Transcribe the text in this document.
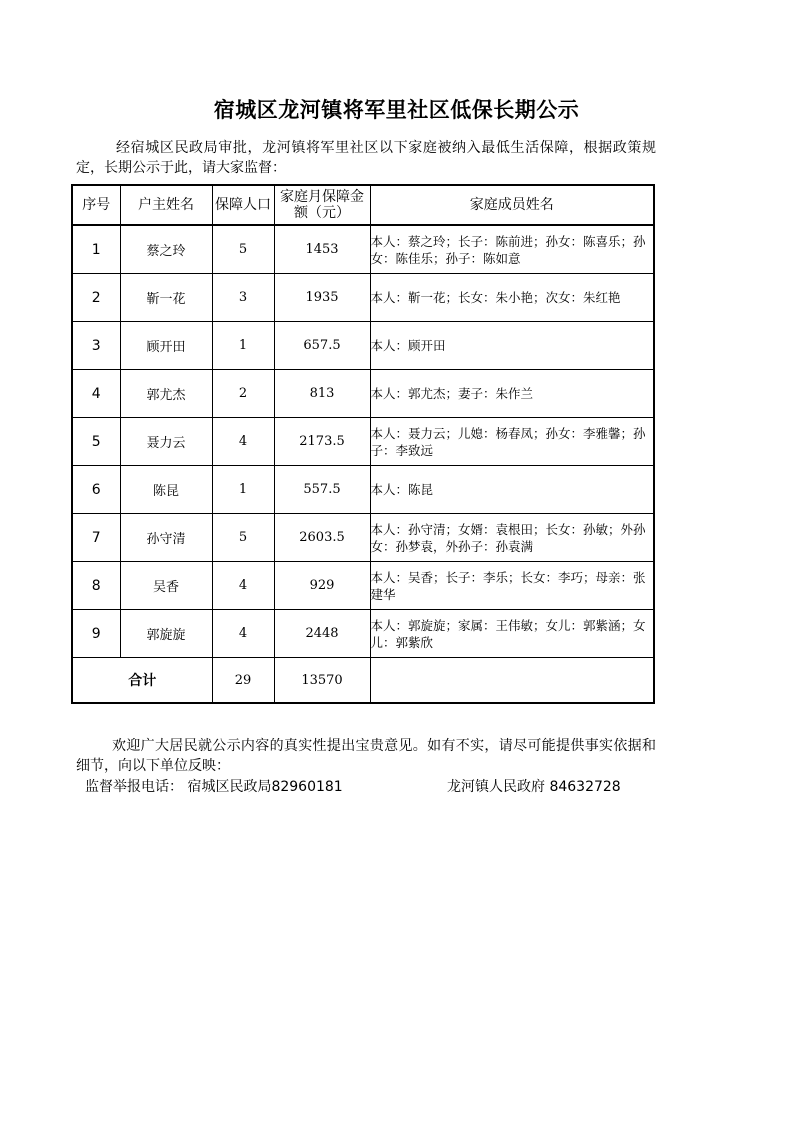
宿城区龙河镇将军里社区低保长期公示
经宿城区民政局审批，龙河镇将军里社区以下家庭被纳入最低生活保障，根据政策规定，长期公示于此，请大家监督：
序号	户主姓名	保障人口	家庭月保障金额（元）	家庭成员姓名
1	蔡之玲	5	1453	本人：蔡之玲；长子：陈前进；孙女：陈喜乐；孙女：陈佳乐；孙子：陈如意
2	靳一花	3	1935	本人：靳一花；长女：朱小艳；次女：朱红艳
3	顾开田	1	657.5	本人：顾开田
4	郭尤杰	2	813	本人：郭尤杰；妻子：朱作兰
5	聂力云	4	2173.5	本人：聂力云；儿媳：杨春凤；孙女：李雅馨；孙子：李致远
6	陈昆	1	557.5	本人：陈昆
7	孙守清	5	2603.5	本人：孙守清；女婿：袁根田；长女：孙敏；外孙女：孙梦袁，外孙子：孙袁满
8	吴香	4	929	本人：吴香；长子：李乐；长女：李巧；母亲：张建华
9	郭旋旋	4	2448	本人：郭旋旋；家属：王伟敏；女儿：郭紫涵；女儿：郭紫欣
合计		29	13570	
欢迎广大居民就公示内容的真实性提出宝贵意见。如有不实，请尽可能提供事实依据和细节，向以下单位反映：
监督举报电话： 宿城区民政局82960181	龙河镇人民政府 84632728
